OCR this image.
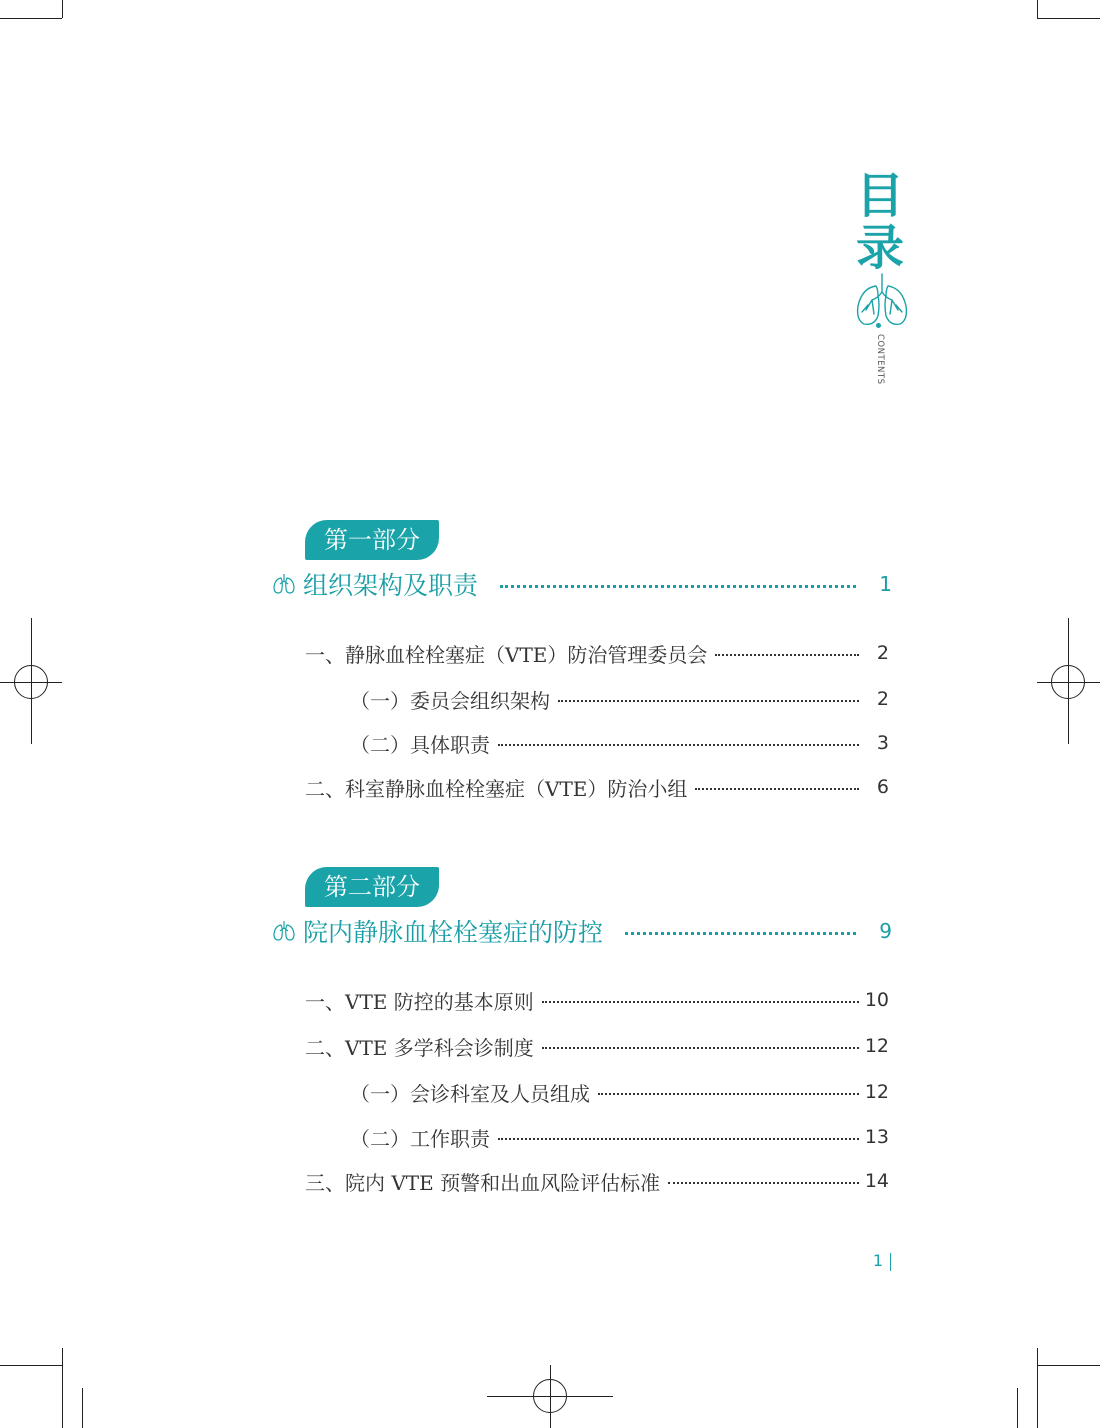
目
录
CONTENTS
第一部分
组织架构及职责	1
一、静脉血栓栓塞症（VTE）防治管理委员会	2
（一）委员会组织架构	2
（二）具体职责	3
二、科室静脉血栓栓塞症（VTE）防治小组	6
第二部分
院内静脉血栓栓塞症的防控	9
一、VTE 防控的基本原则	10
二、VTE 多学科会诊制度	12
（一）会诊科室及人员组成	12
（二）工作职责	13
三、院内 VTE 预警和出血风险评估标准	14
1
